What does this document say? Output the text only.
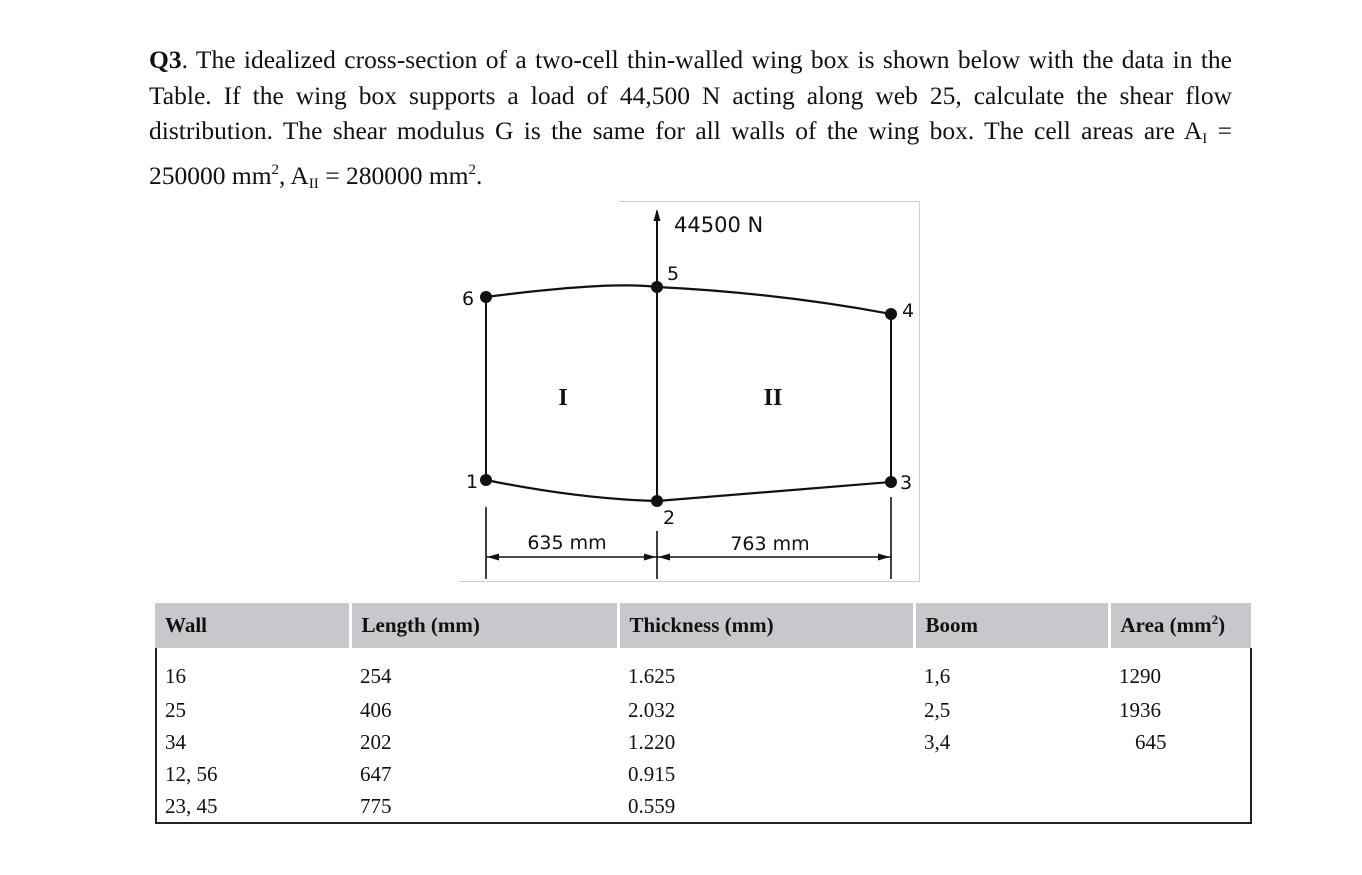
Q3. The idealized cross-section of a two-cell thin-walled wing box is shown below with the data in the Table. If the wing box supports a load of 44,500 N acting along web 25, calculate the shear flow distribution. The shear modulus G is the same for all walls of the wing box. The cell areas are $A_I = 250000$ $mm^2$, $A_{II} = 280000$ $mm^2$.
44500 N
6
5
4
1
2
3
I	II
635 mm	763 mm
Wall	Length (mm)	Thickness (mm)	Boom	Area $(mm^2)$
16	254	1.625	1,6	1290
25	406	2.032	2,5	1936
34	202	1.220	3,4	645
12, 56	647	0.915		
23, 45	775	0.559		
